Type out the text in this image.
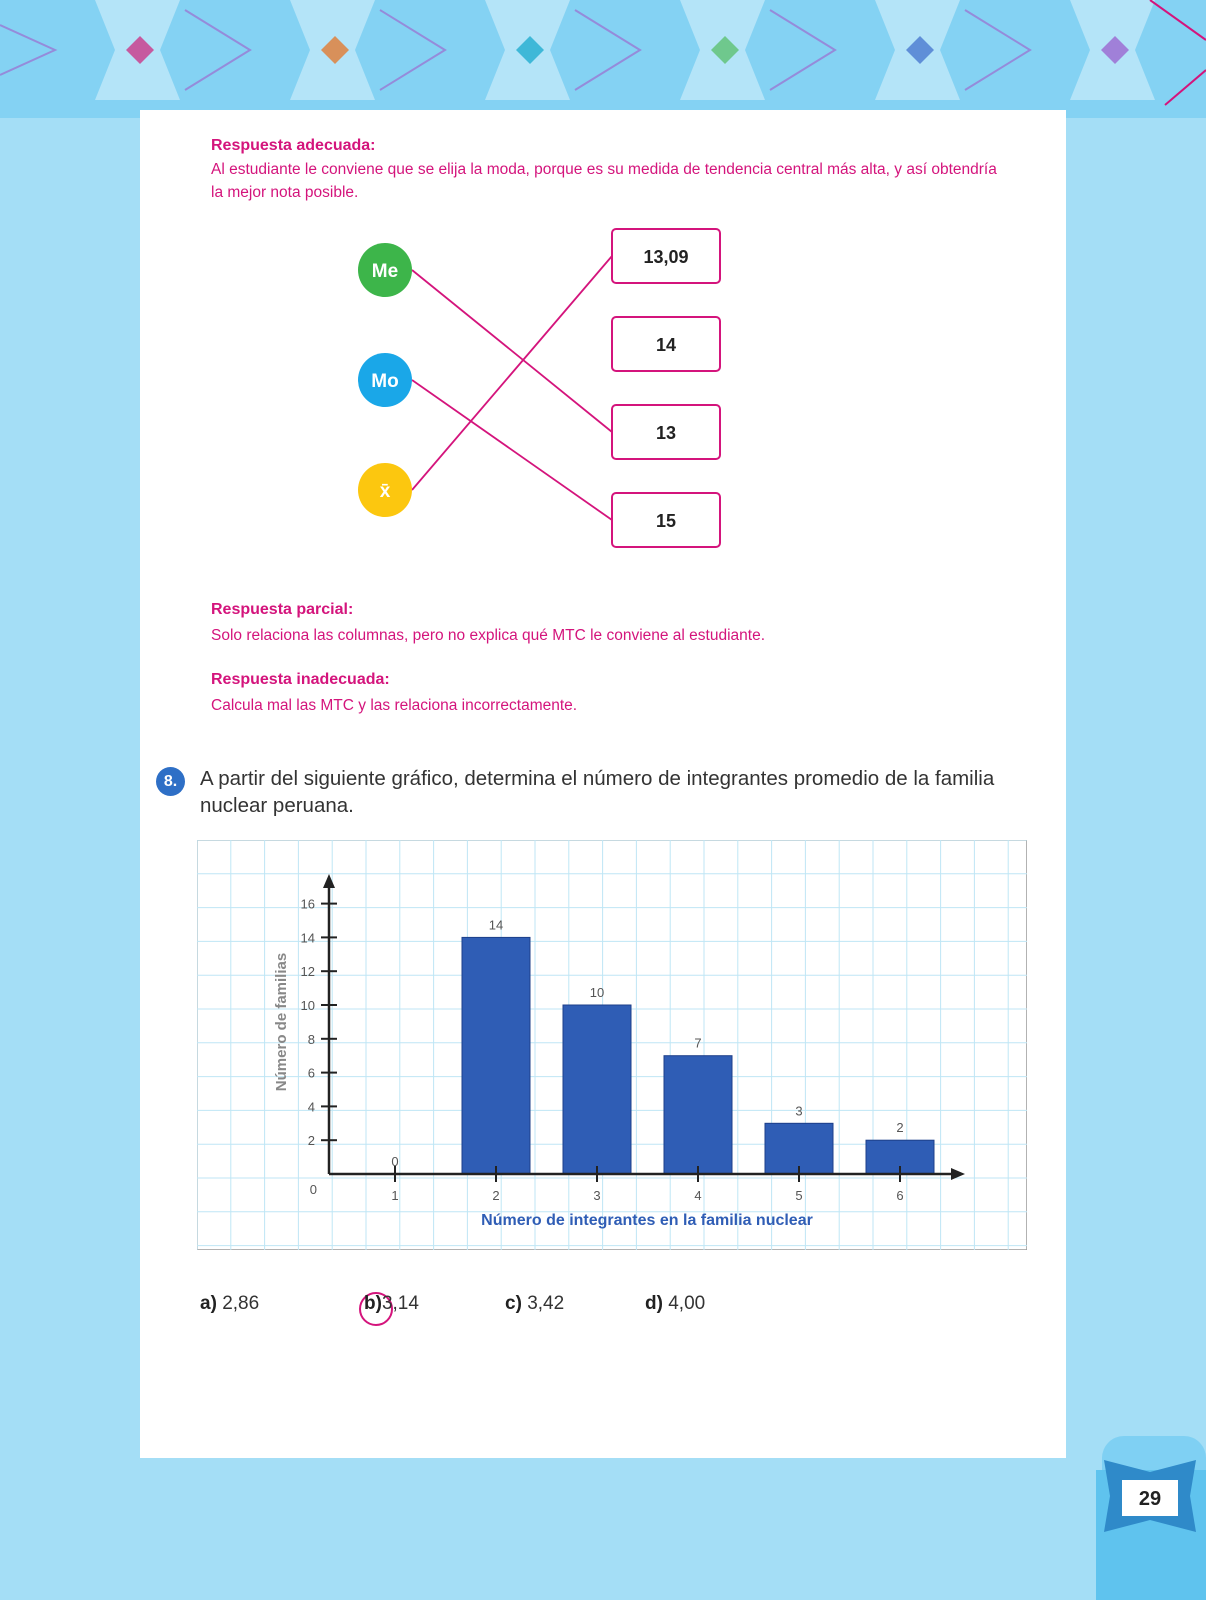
Respuesta adecuada:
Al estudiante le conviene que se elija la moda, porque es su medida de tendencia central más alta, y así obtendría
la mejor nota posible.
Me
Mo
x̄
13,09
14
13
15
Respuesta parcial:
Solo relaciona las columnas, pero no explica qué MTC le conviene al estudiante.
Respuesta inadecuada:
Calcula mal las MTC y las relaciona incorrectamente.
8.	A partir del siguiente gráfico, determina el número de integrantes promedio de la familia nuclear peruana.
1	2	3	4	5	6
2
4
6
8
10
12
14
16
0
0
14
10
7
3
2
Número de integrantes en la familia nuclear
Número de familias
a) 2,86	b)3,14	c) 3,42	d) 4,00
29
